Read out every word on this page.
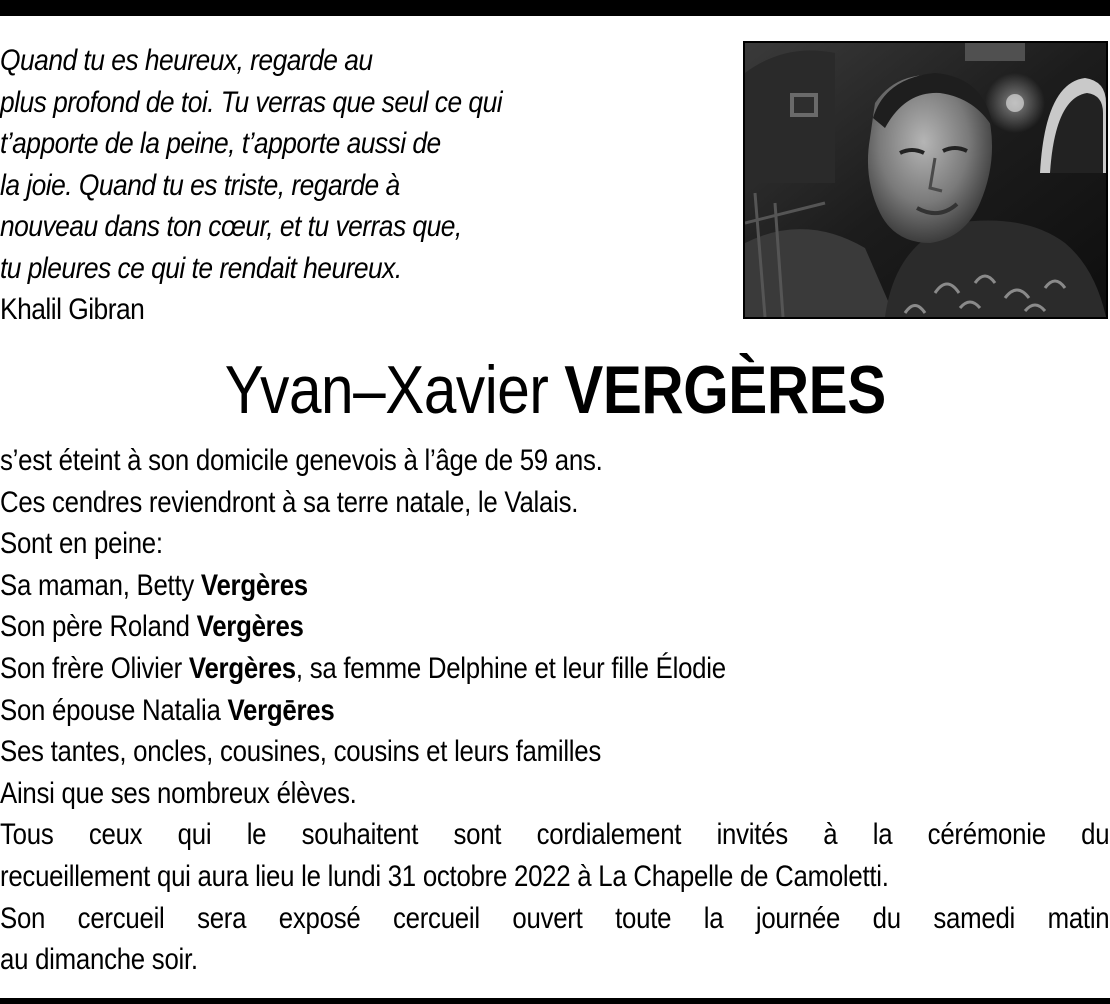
Quand tu es heureux, regarde au
plus profond de toi. Tu verras que seul ce qui
t’apporte de la peine, t’apporte aussi de
la joie. Quand tu es triste, regarde à
nouveau dans ton cœur, et tu verras que,
tu pleures ce qui te rendait heureux.
Khalil Gibran
Yvan–Xavier VERGÈRES
s’est éteint à son domicile genevois à l’âge de 59 ans.
Ces cendres reviendront à sa terre natale, le Valais.
Sont en peine:
Sa maman, Betty Vergères
Son père Roland Vergères
Son frère Olivier Vergères, sa femme Delphine et leur fille Élodie
Son épouse Natalia Vergēres
Ses tantes, oncles, cousines, cousins et leurs familles
Ainsi que ses nombreux élèves.
Tous ceux qui le souhaitent sont cordialement invités à la cérémonie du
recueillement qui aura lieu le lundi 31 octobre 2022 à La Chapelle de Camoletti.
Son cercueil sera exposé cercueil ouvert toute la journée du samedi matin
au dimanche soir.
